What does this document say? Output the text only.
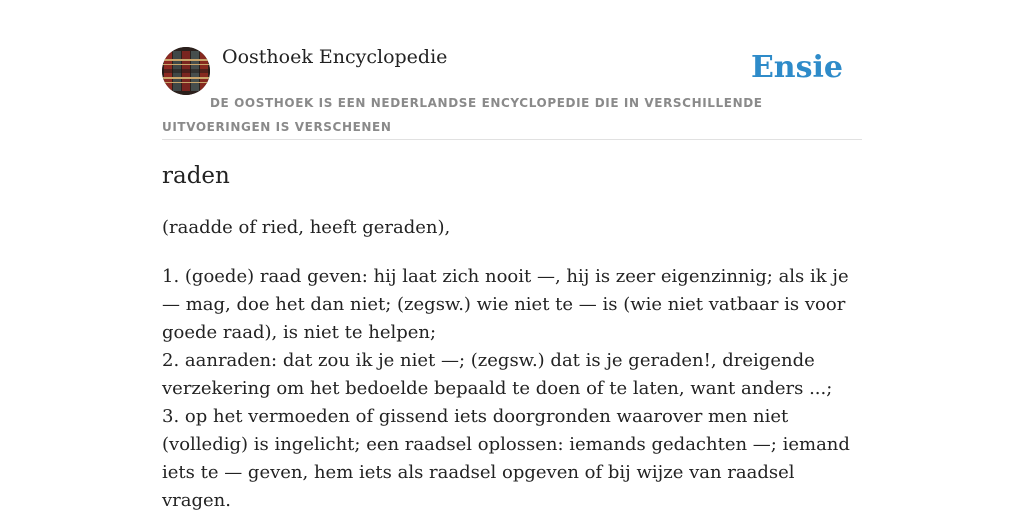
Oosthoek Encyclopedie	Ensie
DE OOSTHOEK IS EEN NEDERLANDSE ENCYCLOPEDIE DIE IN VERSCHILLENDE UITVOERINGEN IS VERSCHENEN
raden
(raadde of ried, heeft geraden),
1. (goede) raad geven: hij laat zich nooit —, hij is zeer eigenzinnig; als ik je — mag, doe het dan niet; (zegsw.) wie niet te — is (wie niet vatbaar is voor goede raad), is niet te helpen;
2. aanraden: dat zou ik je niet —; (zegsw.) dat is je geraden!, dreigende verzekering om het bedoelde bepaald te doen of te laten, want anders ...;
3. op het vermoeden of gissend iets doorgronden waarover men niet (volledig) is ingelicht; een raadsel oplossen: iemands gedachten —; iemand iets te — geven, hem iets als raadsel opgeven of bij wijze van raadsel vragen.
